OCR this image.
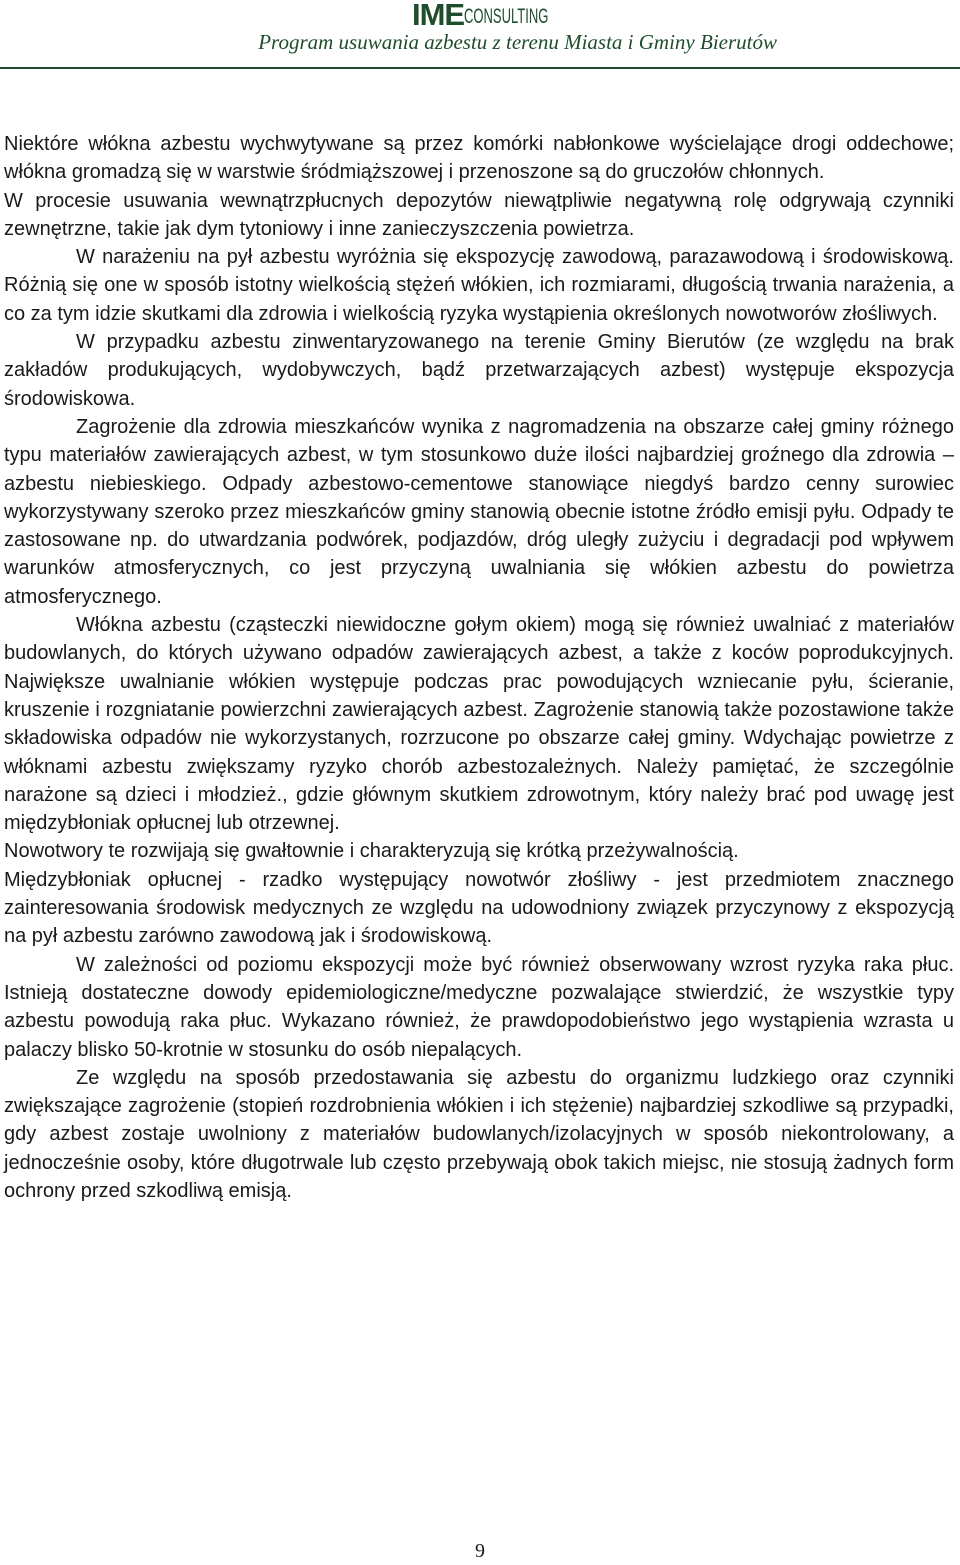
IMECONSULTING
Program usuwania azbestu z terenu Miasta i Gminy Bierutów

Niektóre włókna azbestu wychwytywane są przez komórki nabłonkowe wyścielające drogi oddechowe; włókna gromadzą się w warstwie śródmiąższowej i przenoszone są do gruczołów chłonnych.

W procesie usuwania wewnątrzpłucnych depozytów niewątpliwie negatywną rolę odgrywają czynniki zewnętrzne, takie jak dym tytoniowy i inne zanieczyszczenia powietrza.

W narażeniu na pył azbestu wyróżnia się ekspozycję zawodową, parazawodową i środowiskową. Różnią się one w sposób istotny wielkością stężeń włókien, ich rozmiarami, długością trwania narażenia, a co za tym idzie skutkami dla zdrowia i wielkością ryzyka wystąpienia określonych nowotworów złośliwych.

W przypadku azbestu zinwentaryzowanego na terenie Gminy Bierutów (ze względu na brak zakładów produkujących, wydobywczych, bądź przetwarzających azbest) występuje ekspozycja środowiskowa.

Zagrożenie dla zdrowia mieszkańców wynika z nagromadzenia na obszarze całej gminy różnego typu materiałów zawierających azbest, w tym stosunkowo duże ilości najbardziej groźnego dla zdrowia – azbestu niebieskiego. Odpady azbestowo-cementowe stanowiące niegdyś bardzo cenny surowiec wykorzystywany szeroko przez mieszkańców gminy stanowią obecnie istotne źródło emisji pyłu. Odpady te zastosowane np. do utwardzania podwórek, podjazdów, dróg uległy zużyciu i degradacji pod wpływem warunków atmosferycznych, co jest przyczyną uwalniania się włókien azbestu do powietrza atmosferycznego.

Włókna azbestu (cząsteczki niewidoczne gołym okiem) mogą się również uwalniać z materiałów budowlanych, do których używano odpadów zawierających azbest, a także z koców poprodukcyjnych. Największe uwalnianie włókien występuje podczas prac powodujących wzniecanie pyłu, ścieranie, kruszenie i rozgniatanie powierzchni zawierających azbest. Zagrożenie stanowią także pozostawione także składowiska odpadów nie wykorzystanych, rozrzucone po obszarze całej gminy. Wdychając powietrze z włóknami azbestu zwiększamy ryzyko chorób azbestozależnych. Należy pamiętać, że szczególnie narażone są dzieci i młodzież., gdzie głównym skutkiem zdrowotnym, który należy brać pod uwagę jest międzybłoniak opłucnej lub otrzewnej.

Nowotwory te rozwijają się gwałtownie i charakteryzują się krótką przeżywalnością.

Międzybłoniak opłucnej - rzadko występujący nowotwór złośliwy - jest przedmiotem znacznego zainteresowania środowisk medycznych ze względu na udowodniony związek przyczynowy z ekspozycją na pył azbestu zarówno zawodową jak i środowiskową.

W zależności od poziomu ekspozycji może być również obserwowany wzrost ryzyka raka płuc. Istnieją dostateczne dowody epidemiologiczne/medyczne pozwalające stwierdzić, że wszystkie typy azbestu powodują raka płuc. Wykazano również, że prawdopodobieństwo jego wystąpienia wzrasta u palaczy blisko 50-krotnie w stosunku do osób niepalących.

Ze względu na sposób przedostawania się azbestu do organizmu ludzkiego oraz czynniki zwiększające zagrożenie (stopień rozdrobnienia włókien i ich stężenie) najbardziej szkodliwe są przypadki, gdy azbest zostaje uwolniony z materiałów budowlanych/izolacyjnych w sposób niekontrolowany, a jednocześnie osoby, które długotrwale lub często przebywają obok takich miejsc, nie stosują żadnych form ochrony przed szkodliwą emisją.

9
